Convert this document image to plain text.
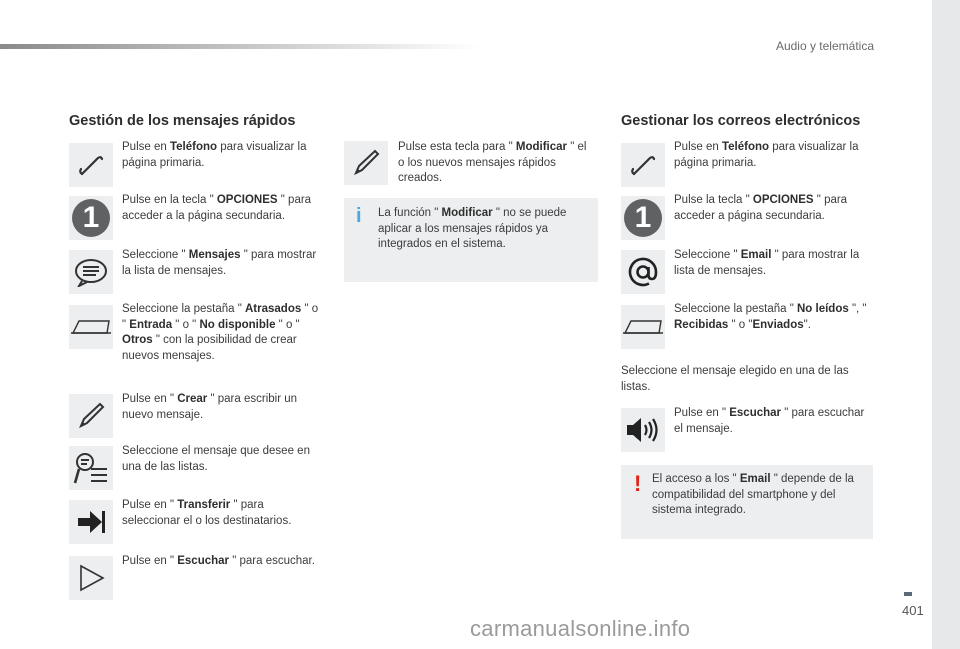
Audio y telemática
Gestión de los mensajes rápidos
Pulse en Teléfono para visualizar la página primaria.
1
Pulse en la tecla " OPCIONES " para acceder a la página secundaria.
Seleccione " Mensajes " para mostrar la lista de mensajes.
Seleccione la pestaña " Atrasados " o " Entrada " o " No disponible " o " Otros " con la posibilidad de crear nuevos mensajes.
Pulse en " Crear " para escribir un nuevo mensaje.
Seleccione el mensaje que desee en una de las listas.
Pulse en " Transferir " para seleccionar el o los destinatarios.
Pulse en " Escuchar " para escuchar.
Pulse esta tecla para " Modificar " el o los nuevos mensajes rápidos creados.
i La función " Modificar " no se puede aplicar a los mensajes rápidos ya integrados en el sistema.
Gestionar los correos electrónicos
Pulse en Teléfono para visualizar la página primaria.
1
Pulse la tecla " OPCIONES " para acceder a página secundaria.
Seleccione " Email " para mostrar la lista de mensajes.
Seleccione la pestaña " No leídos ", " Recibidas " o "Enviados".
Seleccione el mensaje elegido en una de las listas.
Pulse en " Escuchar " para escuchar el mensaje.
! El acceso a los " Email " depende de la compatibilidad del smartphone y del sistema integrado.
401
carmanualsonline.info
